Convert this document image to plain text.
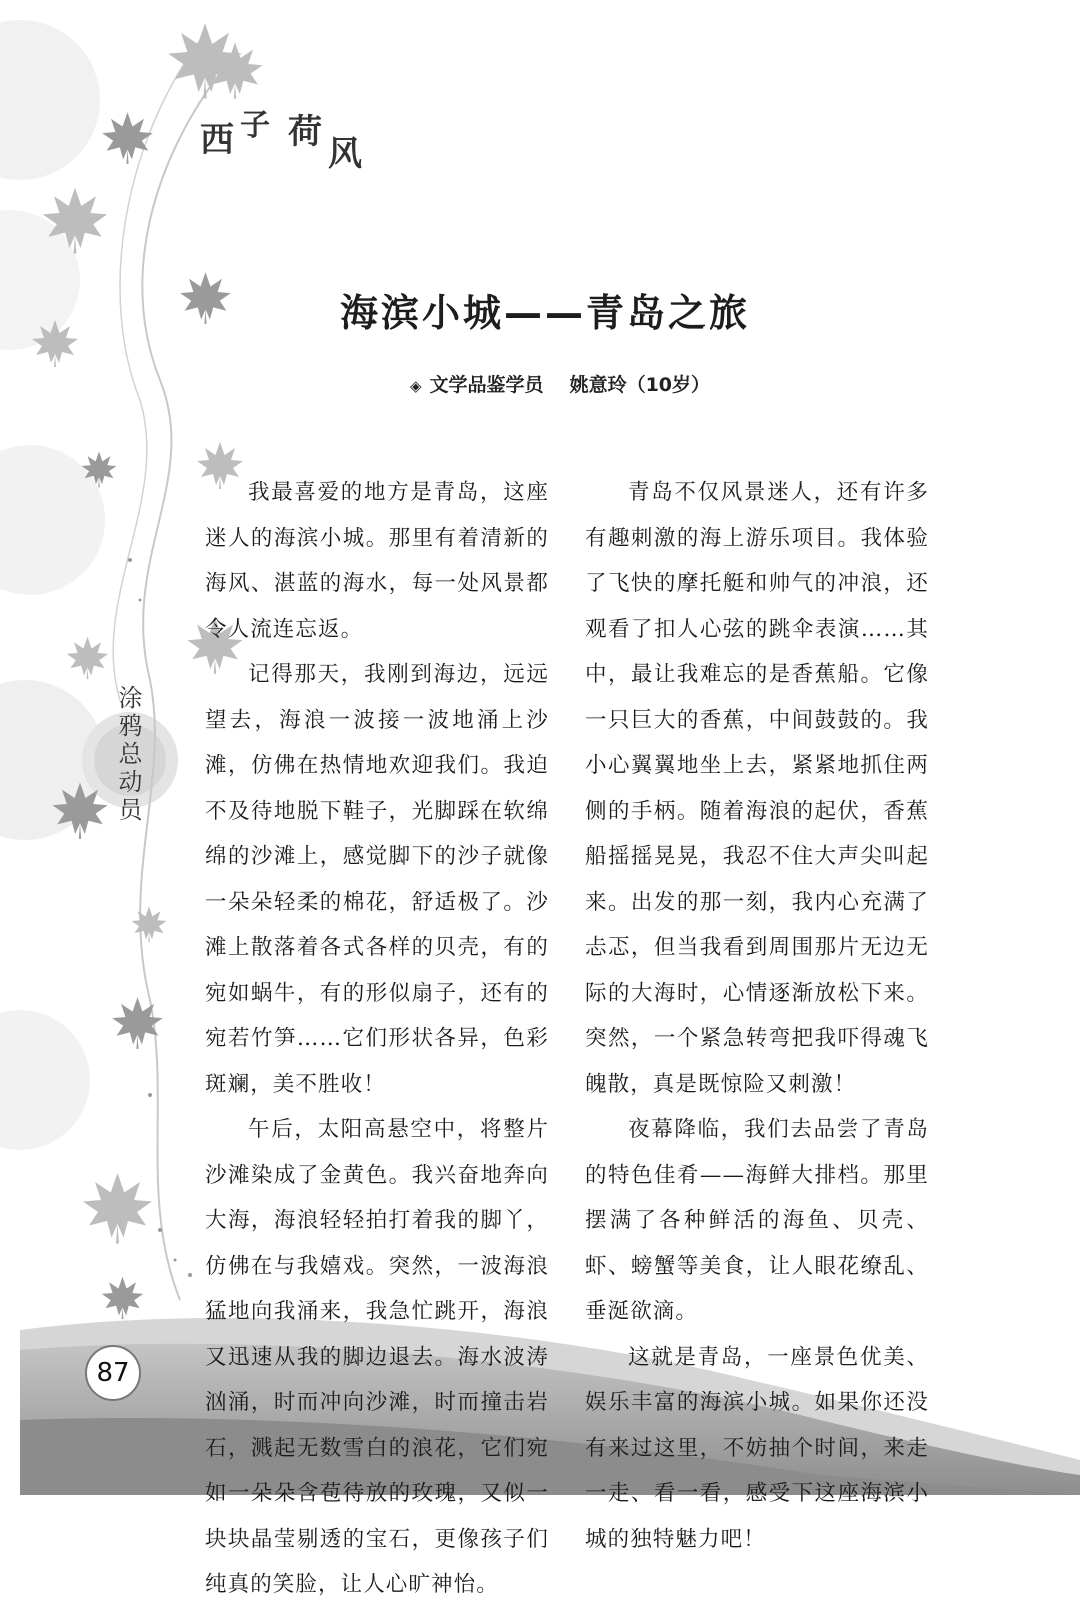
西 子 荷
风
海滨小城——青岛之旅
◈ 文学品鉴学员 姚意玲（10岁）

我最喜爱的地方是青岛，这座迷人的海滨小城。那里有着清新的海风、湛蓝的海水，每一处风景都令人流连忘返。

记得那天，我刚到海边，远远望去，海浪一波接一波地涌上沙滩，仿佛在热情地欢迎我们。我迫不及待地脱下鞋子，光脚踩在软绵绵的沙滩上，感觉脚下的沙子就像一朵朵轻柔的棉花，舒适极了。沙滩上散落着各式各样的贝壳，有的宛如蜗牛，有的形似扇子，还有的宛若竹笋……它们形状各异，色彩斑斓，美不胜收！

午后，太阳高悬空中，将整片沙滩染成了金黄色。我兴奋地奔向大海，海浪轻轻拍打着我的脚丫，仿佛在与我嬉戏。突然，一波海浪猛地向我涌来，我急忙跳开，海浪又迅速从我的脚边退去。海水波涛汹涌，时而冲向沙滩，时而撞击岩石，溅起无数雪白的浪花，它们宛如一朵朵含苞待放的玫瑰，又似一块块晶莹剔透的宝石，更像孩子们纯真的笑脸，让人心旷神怡。

青岛不仅风景迷人，还有许多有趣刺激的海上游乐项目。我体验了飞快的摩托艇和帅气的冲浪，还观看了扣人心弦的跳伞表演……其中，最让我难忘的是香蕉船。它像一只巨大的香蕉，中间鼓鼓的。我小心翼翼地坐上去，紧紧地抓住两侧的手柄。随着海浪的起伏，香蕉船摇摇晃晃，我忍不住大声尖叫起来。出发的那一刻，我内心充满了忐忑，但当我看到周围那片无边无际的大海时，心情逐渐放松下来。突然，一个紧急转弯把我吓得魂飞魄散，真是既惊险又刺激！

夜幕降临，我们去品尝了青岛的特色佳肴——海鲜大排档。那里摆满了各种鲜活的海鱼、贝壳、虾、螃蟹等美食，让人眼花缭乱、垂涎欲滴。

这就是青岛，一座景色优美、娱乐丰富的海滨小城。如果你还没有来过这里，不妨抽个时间，来走一走、看一看，感受下这座海滨小城的独特魅力吧！

涂鸦总动员
87
